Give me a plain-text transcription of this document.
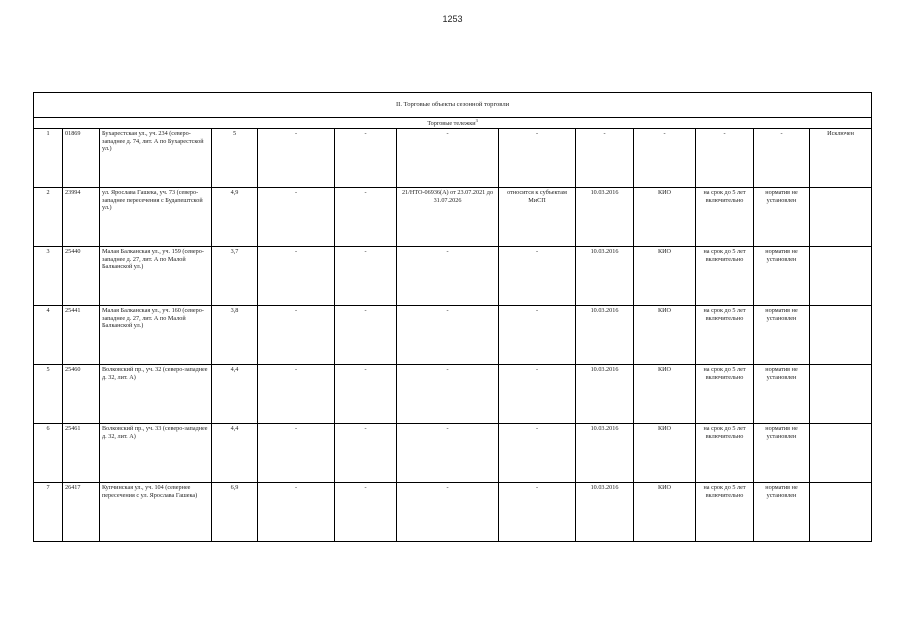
1253
II. Торговые объекты сезонной торговли												
Торговые тележки$^3$
1	01869	Бухарестская ул., уч. 234 (северо-западнее д. 74, лит. А по Бухарестской ул.)	5	-	-	-	-	-	-	-	-	Исключен
2	23994	ул. Ярослава Гашека, уч. 73 (северо-западнее пересечения с Будапештской ул.)	4,9	-	-	21/НТО-06936(А) от 23.07.2021 до 31.07.2026	относится к субъектам МиСП	10.03.2016	КИО	на срок до 5 лет включительно	норматив не установлен	
3	25440	Малая Балканская ул., уч. 159 (северо-западнее д. 27, лит. А по Малой Балканской ул.)	3,7	-	-	-	-	10.03.2016	КИО	на срок до 5 лет включительно	норматив не установлен	
4	25441	Малая Балканская ул., уч. 160 (северо-западнее д. 27, лит. А по Малой Балканской ул.)	3,8	-	-	-	-	10.03.2016	КИО	на срок до 5 лет включительно	норматив не установлен	
5	25460	Волковский пр., уч. 32 (северо-западнее д. 32, лит. А)	4,4	-	-	-	-	10.03.2016	КИО	на срок до 5 лет включительно	норматив не установлен	
6	25461	Волковский пр., уч. 33 (северо-западнее д. 32, лит. А)	4,4	-	-	-	-	10.03.2016	КИО	на срок до 5 лет включительно	норматив не установлен	
7	26417	Купчинская ул., уч. 104 (севернее пересечения с ул. Ярослава Гашека)	6,9	-	-	-	-	10.03.2016	КИО	на срок до 5 лет включительно	норматив не установлен	
